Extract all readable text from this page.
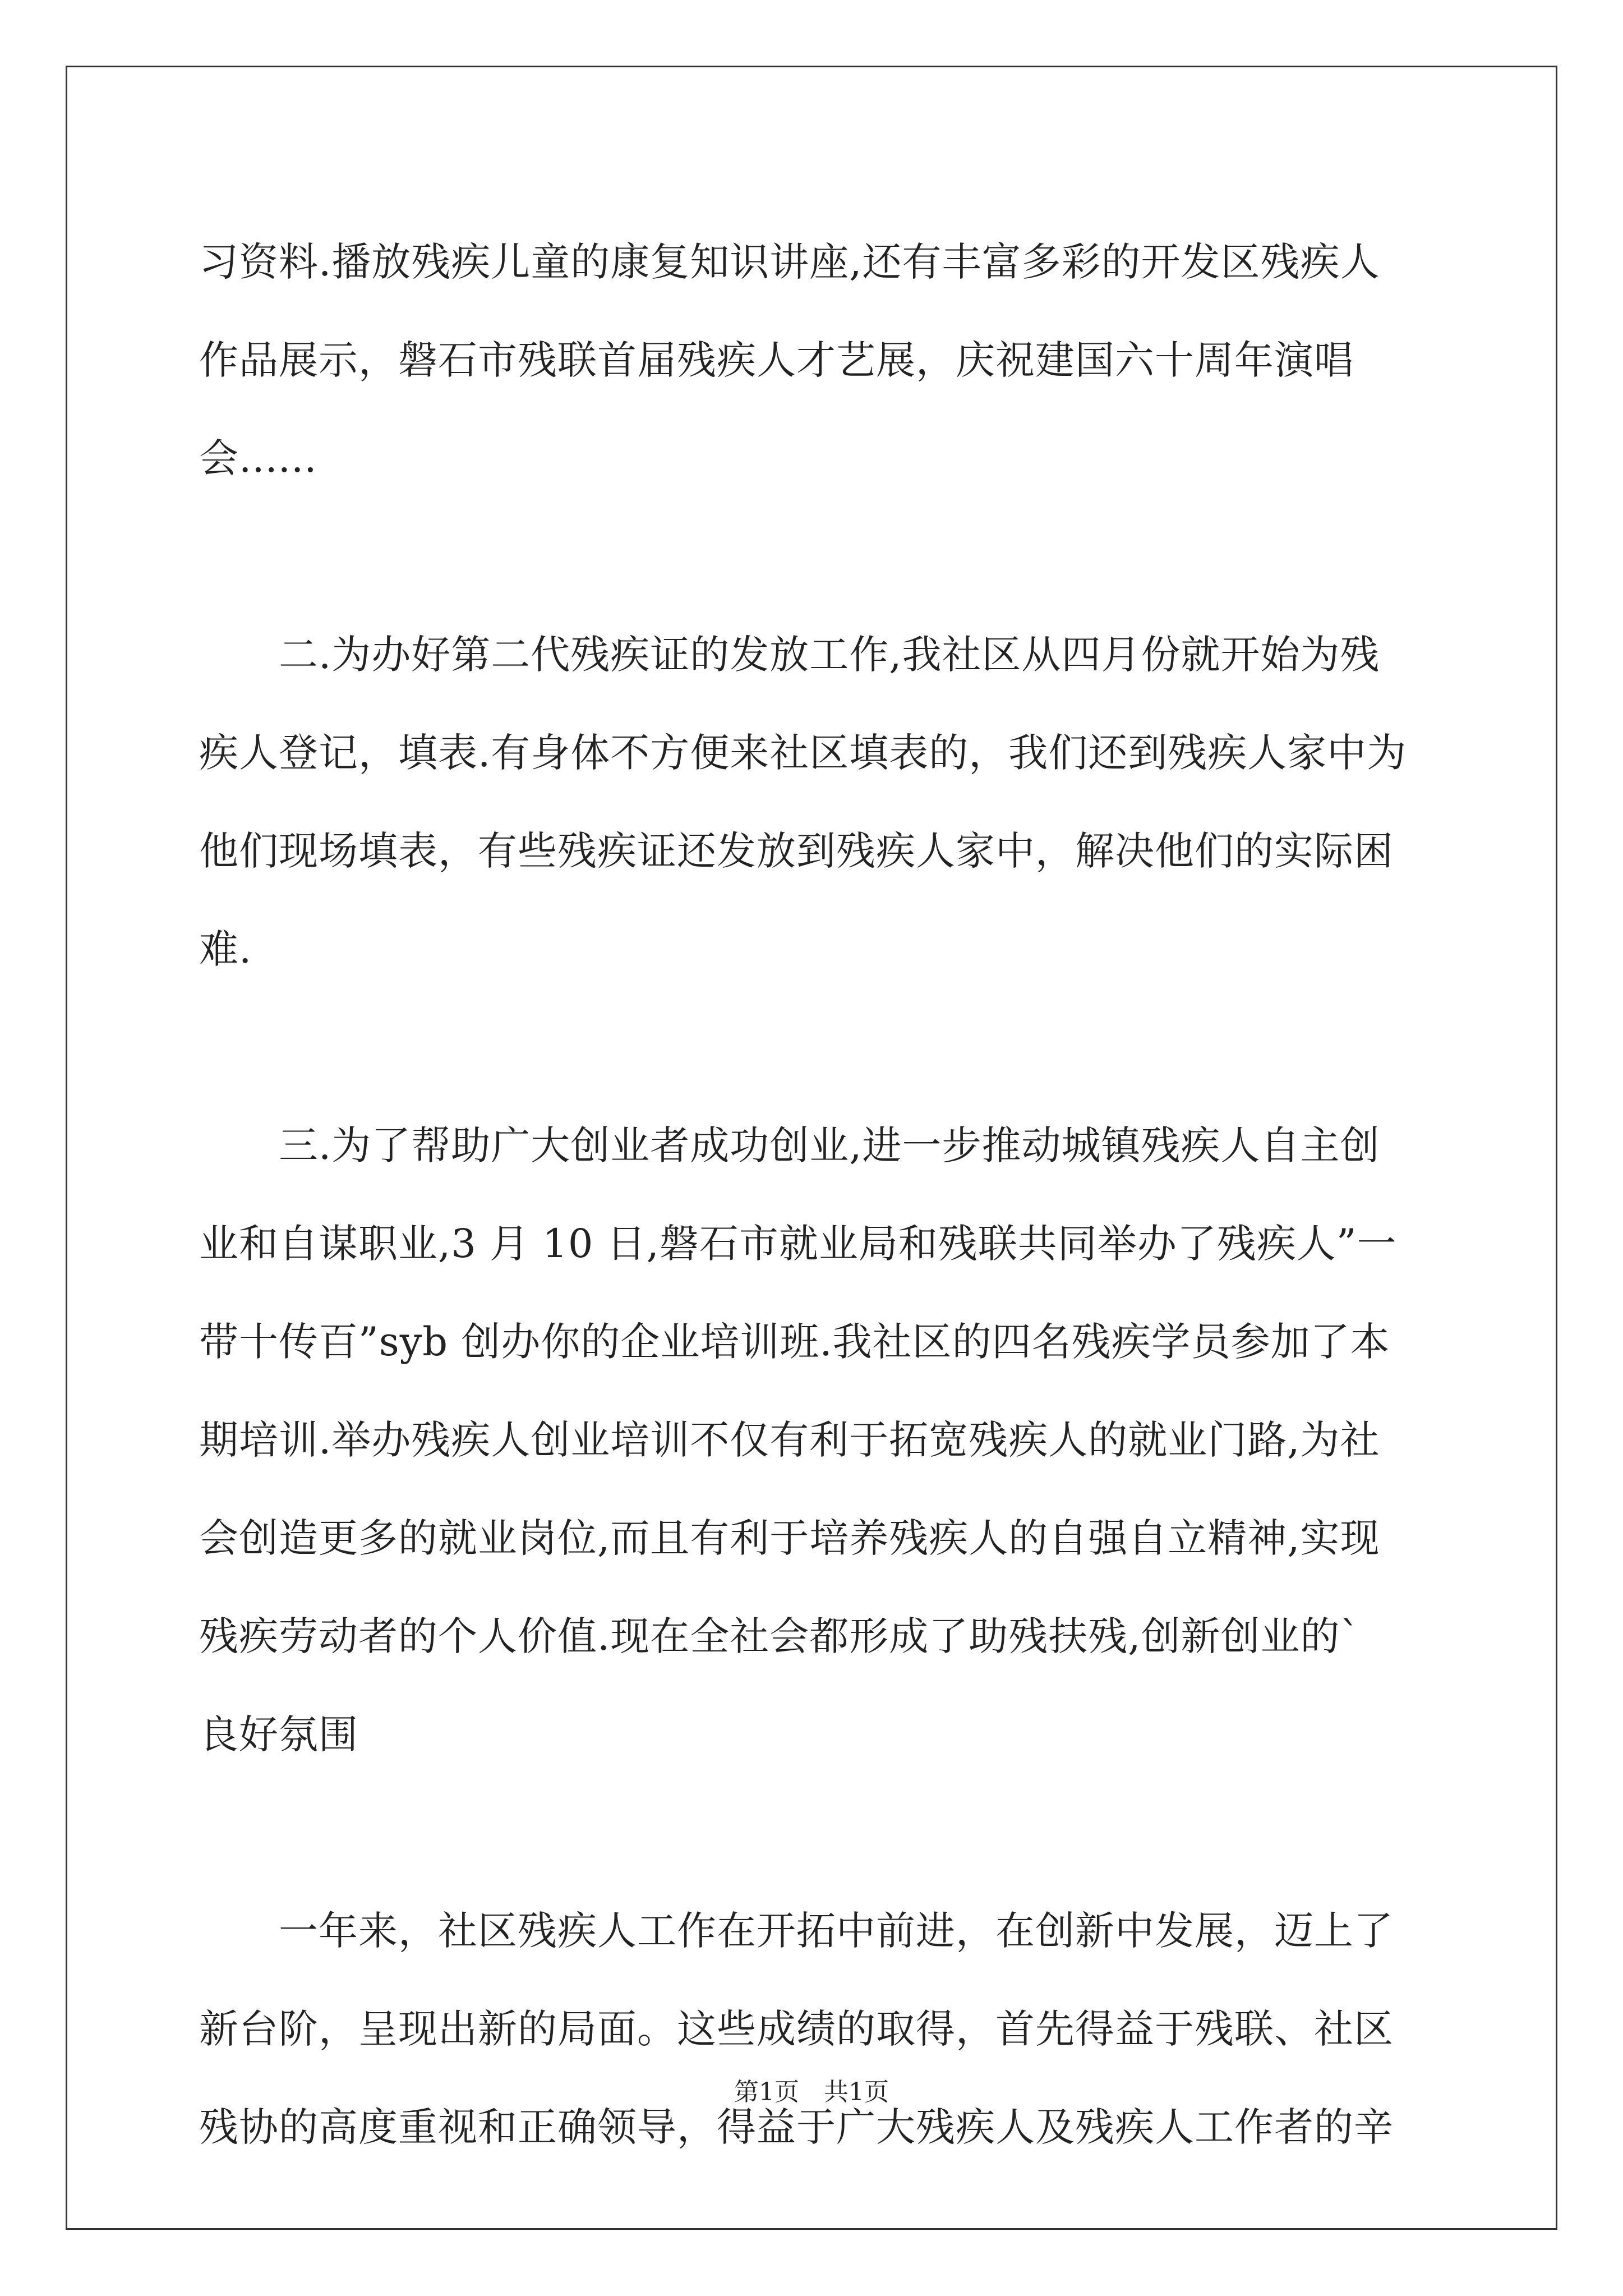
习资料.播放残疾儿童的康复知识讲座,还有丰富多彩的开发区残疾人
作品展示，磐石市残联首届残疾人才艺展，庆祝建国六十周年演唱
会......
　　二.为办好第二代残疾证的发放工作,我社区从四月份就开始为残
疾人登记，填表.有身体不方便来社区填表的，我们还到残疾人家中为
他们现场填表，有些残疾证还发放到残疾人家中，解决他们的实际困
难.
　　三.为了帮助广大创业者成功创业,进一步推动城镇残疾人自主创
业和自谋职业,3 月 10 日,磐石市就业局和残联共同举办了残疾人”一
带十传百”syb 创办你的企业培训班.我社区的四名残疾学员参加了本
期培训.举办残疾人创业培训不仅有利于拓宽残疾人的就业门路,为社
会创造更多的就业岗位,而且有利于培养残疾人的自强自立精神,实现
残疾劳动者的个人价值.现在全社会都形成了助残扶残,创新创业的`
良好氛围
　　一年来，社区残疾人工作在开拓中前进，在创新中发展，迈上了
新台阶，呈现出新的局面。这些成绩的取得，首先得益于残联、社区
残协的高度重视和正确领导，得益于广大残疾人及残疾人工作者的辛
第1页　共1页
